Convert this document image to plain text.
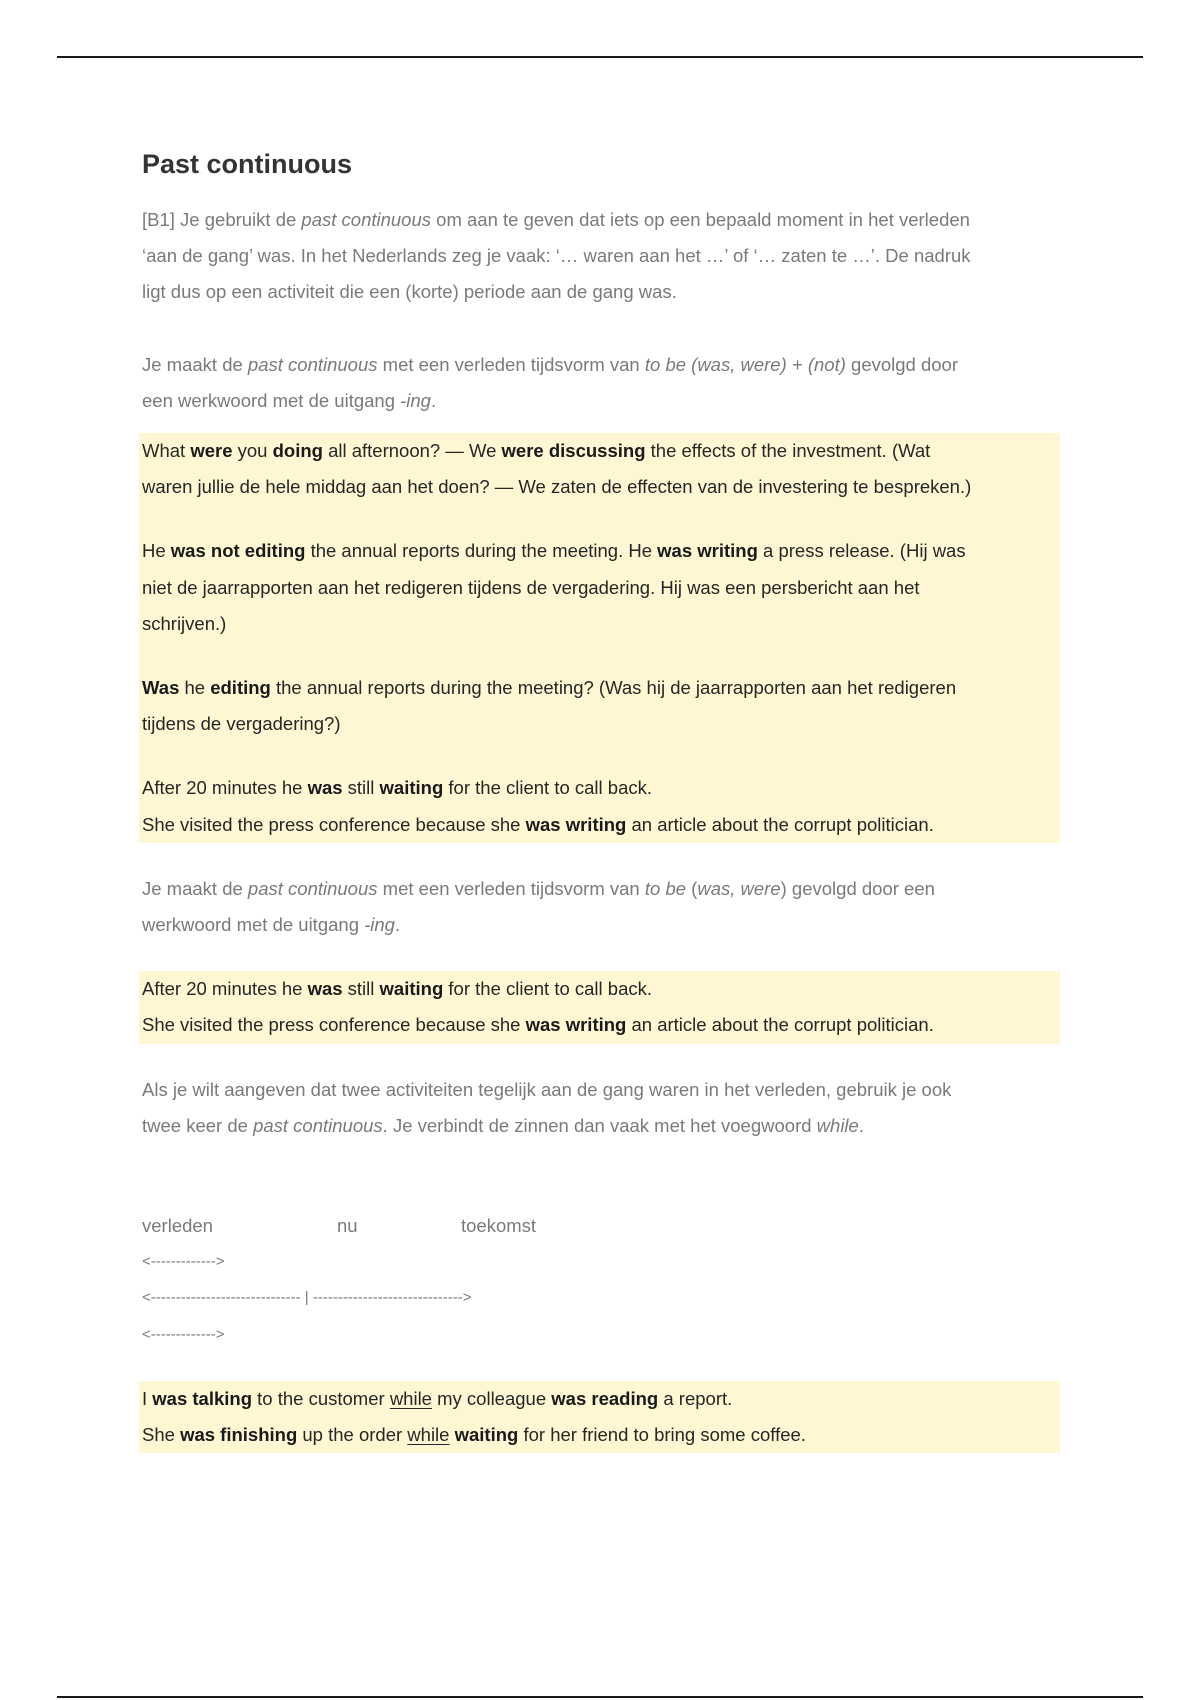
Past continuous

[B1] Je gebruikt de past continuous om aan te geven dat iets op een bepaald moment in het verleden

‘aan de gang’ was. In het Nederlands zeg je vaak: ‘… waren aan het …’ of ‘… zaten te …’. De nadruk

ligt dus op een activiteit die een (korte) periode aan de gang was.

Je maakt de past continuous met een verleden tijdsvorm van to be (was, were) + (not) gevolgd door

een werkwoord met de uitgang -ing.

What were you doing all afternoon? — We were discussing the effects of the investment. (Wat

waren jullie de hele middag aan het doen? — We zaten de effecten van de investering te bespreken.)

He was not editing the annual reports during the meeting. He was writing a press release. (Hij was

niet de jaarrapporten aan het redigeren tijdens de vergadering. Hij was een persbericht aan het

schrijven.)

Was he editing the annual reports during the meeting? (Was hij de jaarrapporten aan het redigeren

tijdens de vergadering?)

After 20 minutes he was still waiting for the client to call back.

She visited the press conference because she was writing an article about the corrupt politician.

Je maakt de past continuous met een verleden tijdsvorm van to be (was, were) gevolgd door een

werkwoord met de uitgang -ing.

After 20 minutes he was still waiting for the client to call back.

She visited the press conference because she was writing an article about the corrupt politician.

Als je wilt aangeven dat twee activiteiten tegelijk aan de gang waren in het verleden, gebruik je ook

twee keer de past continuous. Je verbindt de zinnen dan vaak met het voegwoord while.

verleden	nu	toekomst

<------------->
<------------------------------ | ------------------------------>
<------------->

I was talking to the customer while my colleague was reading a report.

She was finishing up the order while waiting for her friend to bring some coffee.
